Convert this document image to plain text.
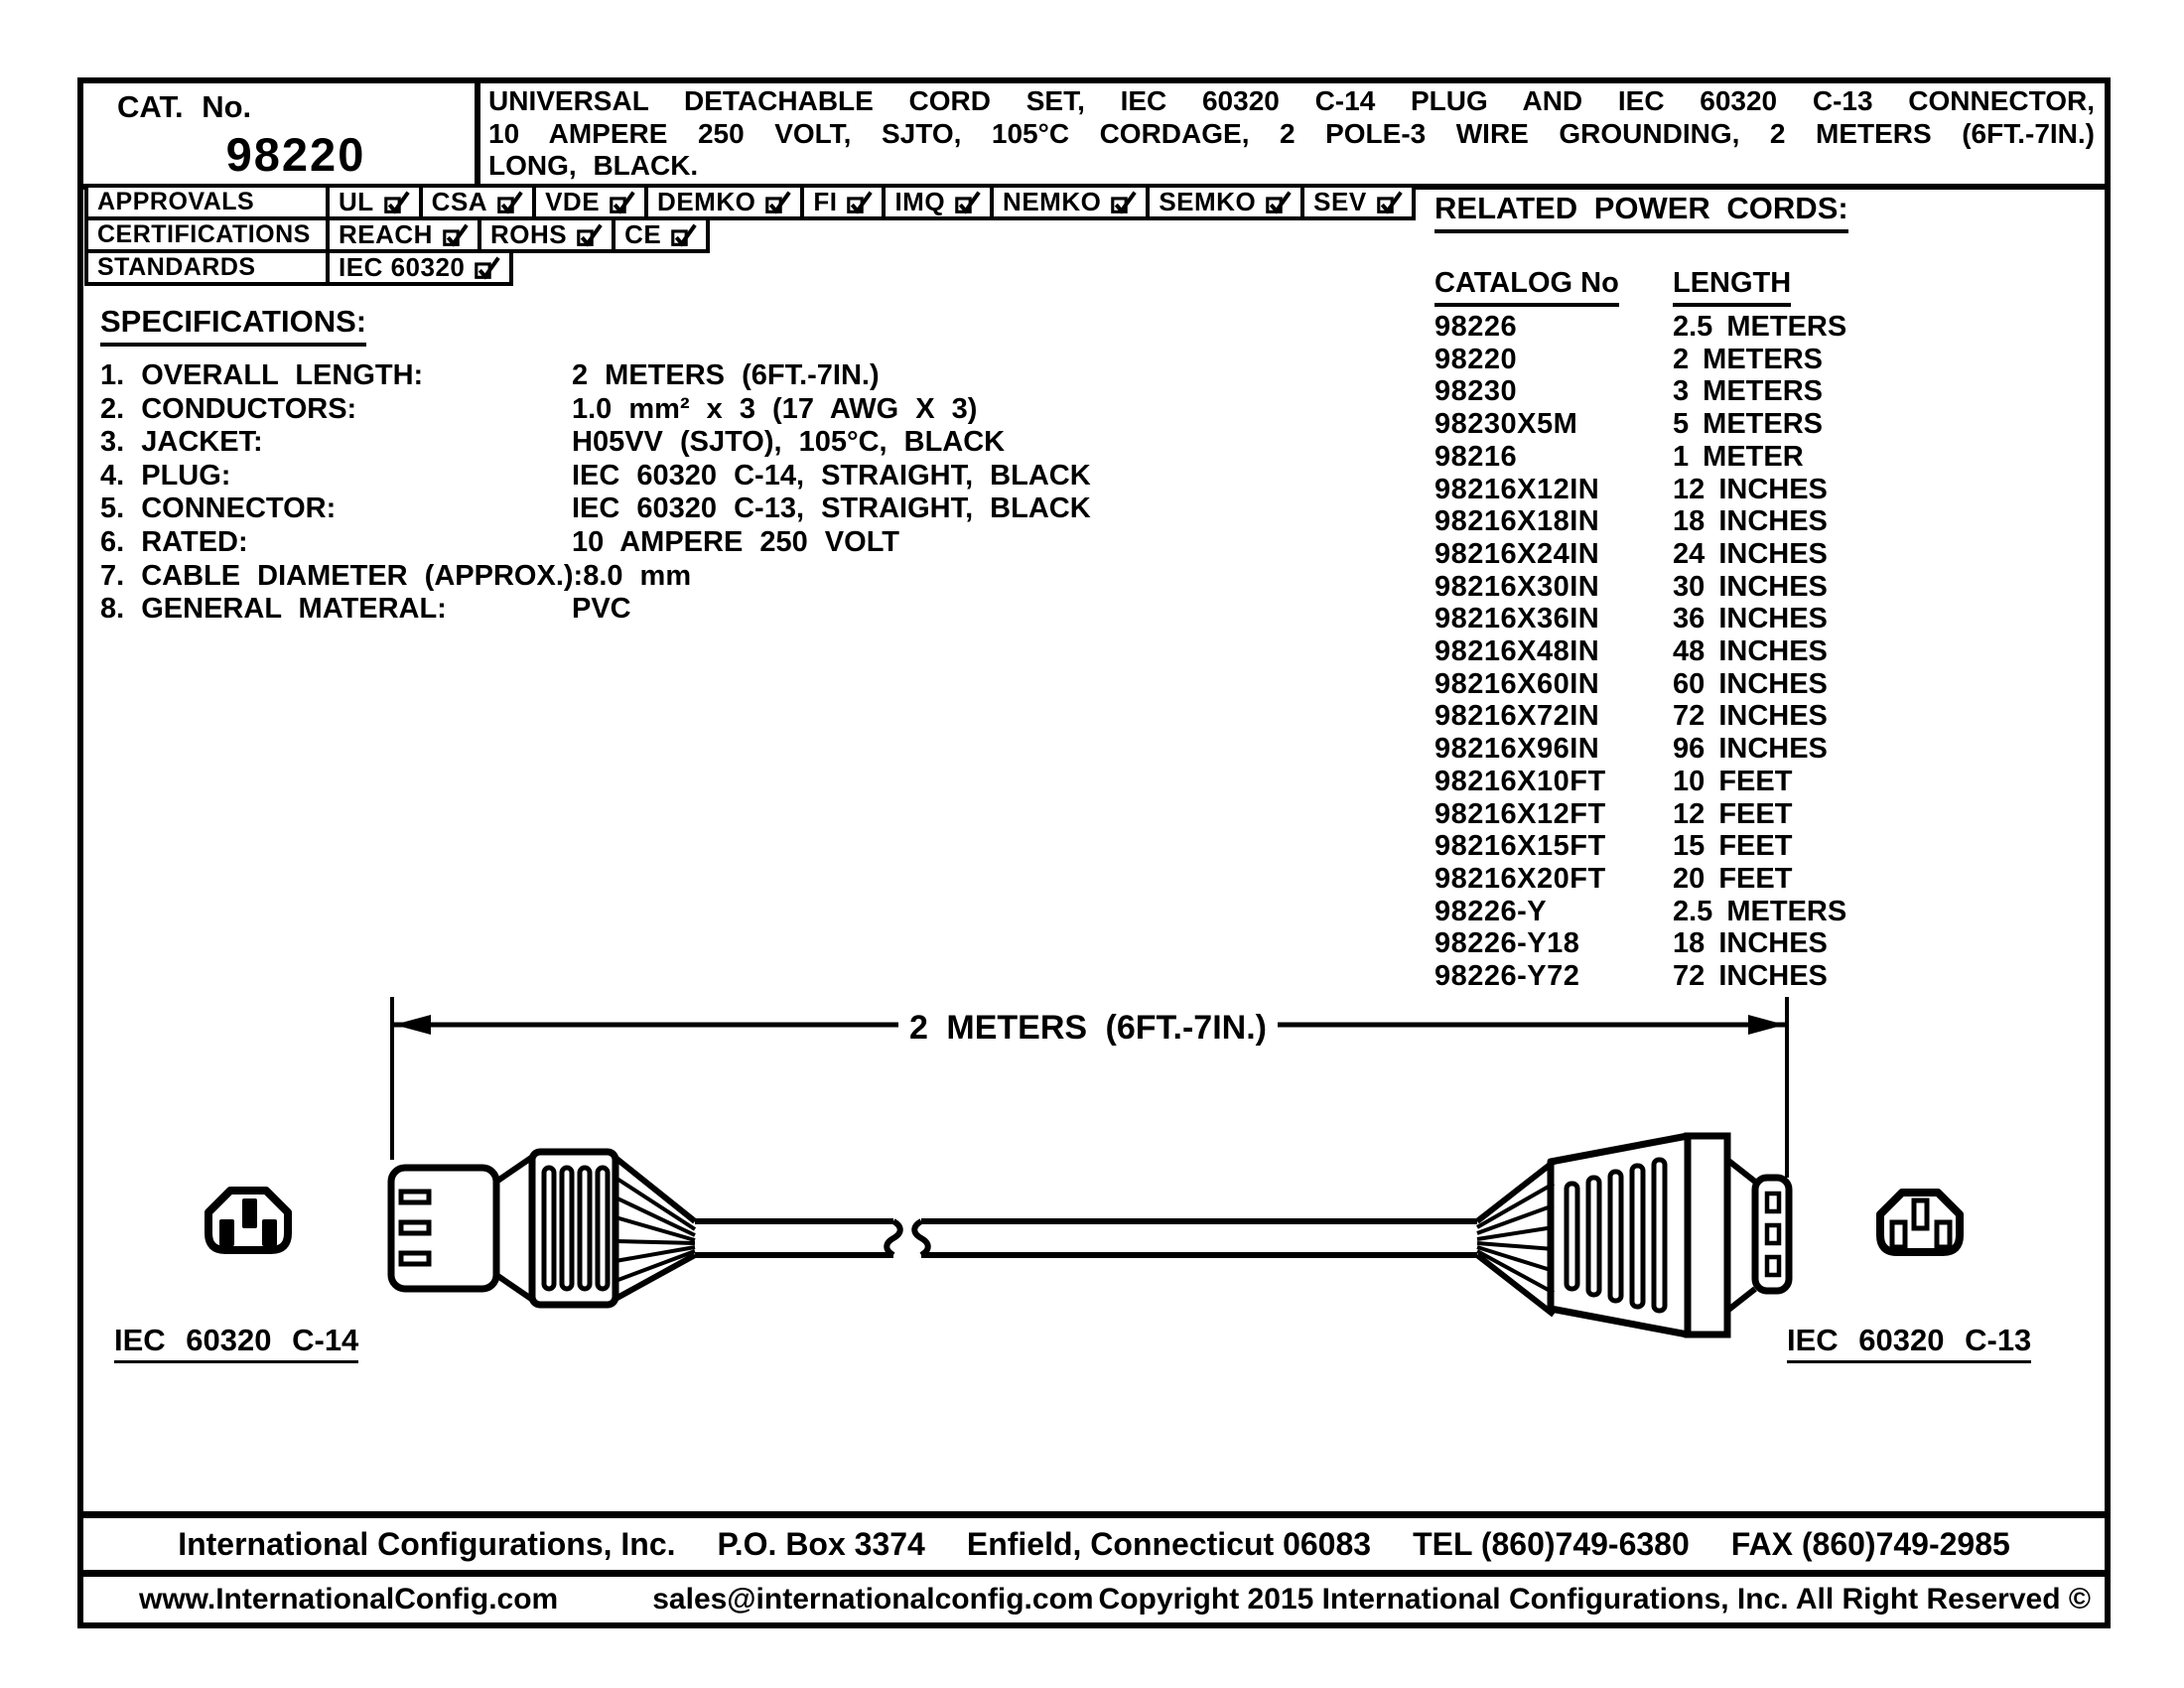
CAT. No.
98220
UNIVERSAL DETACHABLE CORD SET, IEC 60320 C-14 PLUG AND IEC 60320 C-13 CONNECTOR,
10 AMPERE 250 VOLT, SJTO, 105°C CORDAGE, 2 POLE-3 WIRE GROUNDING, 2 METERS (6FT.-7IN.)
LONG, BLACK.
APPROVALS	UL CSA VDE DEMKO FI IMQ NEMKO SEMKO SEV
CERTIFICATIONS	REACH ROHS CE
STANDARDS	IEC 60320
SPECIFICATIONS:
1. OVERALL LENGTH:	2 METERS (6FT.-7IN.)
2. CONDUCTORS:	1.0 mm² x 3 (17 AWG X 3)
3. JACKET:	H05VV (SJTO), 105°C, BLACK
4. PLUG:	IEC 60320 C-14, STRAIGHT, BLACK
5. CONNECTOR:	IEC 60320 C-13, STRAIGHT, BLACK
6. RATED:	10 AMPERE 250 VOLT
7. CABLE DIAMETER (APPROX.): 8.0 mm
8. GENERAL MATERAL:	PVC
RELATED POWER CORDS:
CATALOG No	LENGTH
98226	2.5 METERS
98220	2 METERS
98230	3 METERS
98230X5M	5 METERS
98216	1 METER
98216X12IN	12 INCHES
98216X18IN	18 INCHES
98216X24IN	24 INCHES
98216X30IN	30 INCHES
98216X36IN	36 INCHES
98216X48IN	48 INCHES
98216X60IN	60 INCHES
98216X72IN	72 INCHES
98216X96IN	96 INCHES
98216X10FT	10 FEET
98216X12FT	12 FEET
98216X15FT	15 FEET
98216X20FT	20 FEET
98226-Y	2.5 METERS
98226-Y18	18 INCHES
98226-Y72	72 INCHES
2 METERS (6FT.-7IN.)
IEC 60320 C-14	IEC 60320 C-13
International Configurations, Inc. P.O. Box 3374 Enfield, Connecticut 06083 TEL (860)749-6380 FAX (860)749-2985
www.InternationalConfig.com	sales@internationalconfig.com Copyright 2015 International Configurations, Inc. All Right Reserved ©
